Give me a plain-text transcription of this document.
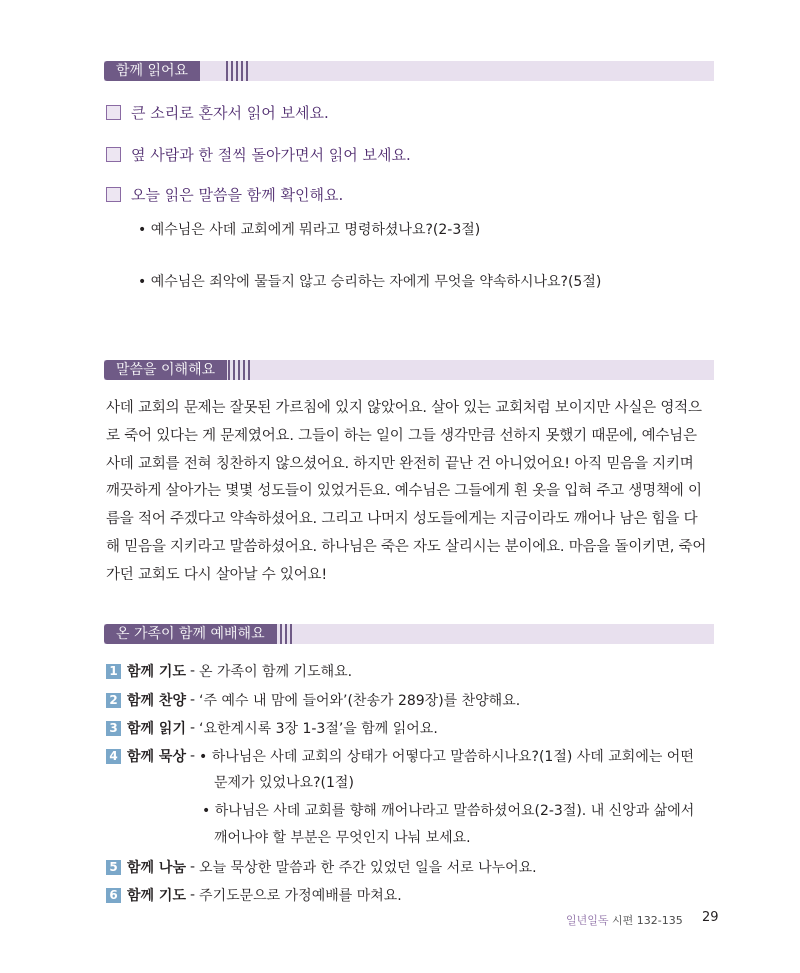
함께 읽어요
큰 소리로 혼자서 읽어 보세요.
옆 사람과 한 절씩 돌아가면서 읽어 보세요.
오늘 읽은 말씀을 함께 확인해요.
• 예수님은 사데 교회에게 뭐라고 명령하셨나요?(2-3절)
• 예수님은 죄악에 물들지 않고 승리하는 자에게 무엇을 약속하시나요?(5절)
말씀을 이해해요
사데 교회의 문제는 잘못된 가르침에 있지 않았어요. 살아 있는 교회처럼 보이지만 사실은 영적으
로 죽어 있다는 게 문제였어요. 그들이 하는 일이 그들 생각만큼 선하지 못했기 때문에, 예수님은
사데 교회를 전혀 칭찬하지 않으셨어요. 하지만 완전히 끝난 건 아니었어요! 아직 믿음을 지키며
깨끗하게 살아가는 몇몇 성도들이 있었거든요. 예수님은 그들에게 흰 옷을 입혀 주고 생명책에 이
름을 적어 주겠다고 약속하셨어요. 그리고 나머지 성도들에게는 지금이라도 깨어나 남은 힘을 다
해 믿음을 지키라고 말씀하셨어요. 하나님은 죽은 자도 살리시는 분이에요. 마음을 돌이키면, 죽어
가던 교회도 다시 살아날 수 있어요!
온 가족이 함께 예배해요
1 함께 기도 - 온 가족이 함께 기도해요.
2 함께 찬양 - ‘주 예수 내 맘에 들어와’(찬송가 289장)를 찬양해요.
3 함께 읽기 - ‘요한계시록 3장 1-3절’을 함께 읽어요.
4 함께 묵상 - • 하나님은 사데 교회의 상태가 어떻다고 말씀하시나요?(1절) 사데 교회에는 어떤
문제가 있었나요?(1절)
• 하나님은 사데 교회를 향해 깨어나라고 말씀하셨어요(2-3절). 내 신앙과 삶에서
깨어나야 할 부분은 무엇인지 나눠 보세요.
5 함께 나눔 - 오늘 묵상한 말씀과 한 주간 있었던 일을 서로 나누어요.
6 함께 기도 - 주기도문으로 가정예배를 마쳐요.
일년일독 시편 132-135 29
